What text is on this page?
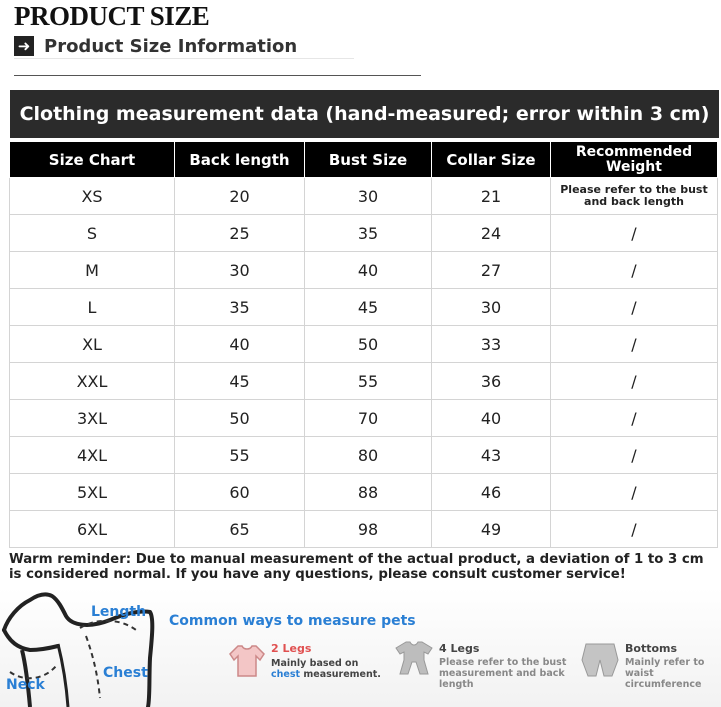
PRODUCT SIZE
➜ Product Size Information
Clothing measurement data (hand-measured; error within 3 cm)
Size Chart	Back length	Bust Size	Collar Size	Recommended Weight
XS	20	30	21	Please refer to the bust and back length
S	25	35	24	/
M	30	40	27	/
L	35	45	30	/
XL	40	50	33	/
XXL	45	55	36	/
3XL	50	70	40	/
4XL	55	80	43	/
5XL	60	88	46	/
6XL	65	98	49	/
Warm reminder: Due to manual measurement of the actual product, a deviation of 1 to 3 cm is considered normal. If you have any questions, please consult customer service!
Length
Chest
Neck
Common ways to measure pets
2 Legs
Mainly based on
chest measurement.
4 Legs
Please refer to the bust measurement and back length
Bottoms
Mainly refer to waist circumference
